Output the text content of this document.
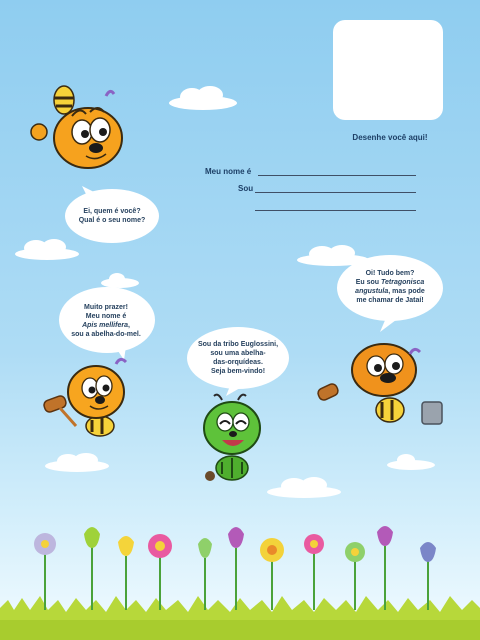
Desenhe você aqui!
Meu nome é
Sou
Ei, quem é você?
Qual é o seu nome?
Muito prazer!
Meu nome é
Apis mellifera,
sou a abelha-do-mel.
Sou da tribo Euglossini,
sou uma abelha-
das-orquídeas.
Seja bem-vindo!
Oi! Tudo bem?
Eu sou Tetragonisca
angustula, mas pode
me chamar de Jataí!
